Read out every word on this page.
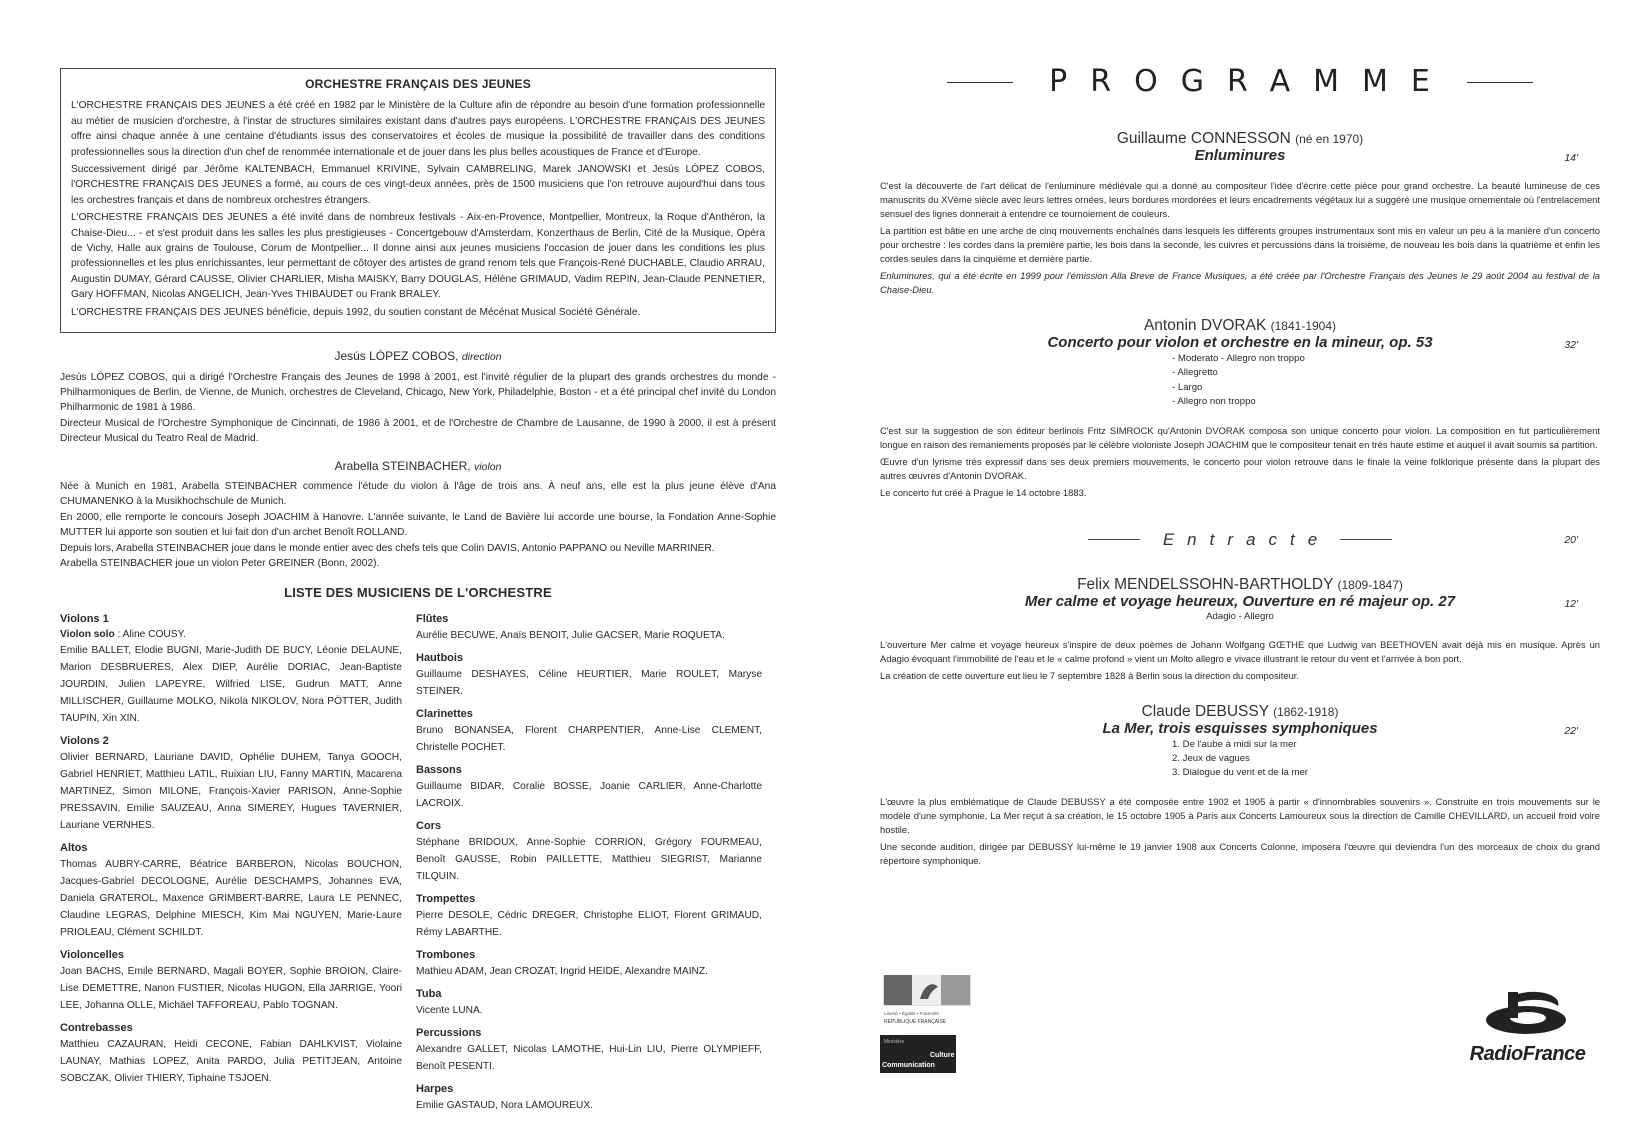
ORCHESTRE FRANÇAIS DES JEUNES

L'ORCHESTRE FRANÇAIS DES JEUNES a été créé en 1982 par le Ministère de la Culture afin de répondre au besoin d'une formation professionnelle au métier de musicien d'orchestre, à l'instar de structures similaires existant dans d'autres pays européens. L'ORCHESTRE FRANÇAIS DES JEUNES offre ainsi chaque année à une centaine d'étudiants issus des conservatoires et écoles de musique la possibilité de travailler dans des conditions professionnelles sous la direction d'un chef de renommée internationale et de jouer dans les plus belles acoustiques de France et d'Europe.

Successivement dirigé par Jérôme KALTENBACH, Emmanuel KRIVINE, Sylvain CAMBRELING, Marek JANOWSKI et Jesús LÓPEZ COBOS, l'ORCHESTRE FRANÇAIS DES JEUNES a formé, au cours de ces vingt-deux années, près de 1500 musiciens que l'on retrouve aujourd'hui dans tous les orchestres français et dans de nombreux orchestres étrangers.

L'ORCHESTRE FRANÇAIS DES JEUNES a été invité dans de nombreux festivals - Aix-en-Provence, Montpellier, Montreux, la Roque d'Anthéron, la Chaise-Dieu... - et s'est produit dans les salles les plus prestigieuses - Concertgebouw d'Amsterdam, Konzerthaus de Berlin, Cité de la Musique, Opéra de Vichy, Halle aux grains de Toulouse, Corum de Montpellier... Il donne ainsi aux jeunes musiciens l'occasion de jouer dans les conditions les plus professionnelles et les plus enrichissantes, leur permettant de côtoyer des artistes de grand renom tels que François-René DUCHABLE, Claudio ARRAU, Augustin DUMAY, Gérard CAUSSE, Olivier CHARLIER, Misha MAISKY, Barry DOUGLAS, Hélène GRIMAUD, Vadim REPIN, Jean-Claude PENNETIER, Gary HOFFMAN, Nicolas ANGELICH, Jean-Yves THIBAUDET ou Frank BRALEY.

L'ORCHESTRE FRANÇAIS DES JEUNES bénéficie, depuis 1992, du soutien constant de Mécénat Musical Société Générale.

Jesús LÓPEZ COBOS, direction

Jesús LÓPEZ COBOS, qui a dirigé l'Orchestre Français des Jeunes de 1998 à 2001, est l'invité régulier de la plupart des grands orchestres du monde - Philharmoniques de Berlin, de Vienne, de Munich, orchestres de Cleveland, Chicago, New York, Philadelphie, Boston - et a été principal chef invité du London Philharmonic de 1981 à 1986.

Directeur Musical de l'Orchestre Symphonique de Cincinnati, de 1986 à 2001, et de l'Orchestre de Chambre de Lausanne, de 1990 à 2000, il est à présent Directeur Musical du Teatro Real de Madrid.

Arabella STEINBACHER, violon

Née à Munich en 1981, Arabella STEINBACHER commence l'étude du violon à l'âge de trois ans. À neuf ans, elle est la plus jeune élève d'Ana CHUMANENKO à la Musikhochschule de Munich.

En 2000, elle remporte le concours Joseph JOACHIM à Hanovre. L'année suivante, le Land de Bavière lui accorde une bourse, la Fondation Anne-Sophie MUTTER lui apporte son soutien et lui fait don d'un archet Benoît ROLLAND.

Depuis lors, Arabella STEINBACHER joue dans le monde entier avec des chefs tels que Colin DAVIS, Antonio PAPPANO ou Neville MARRINER.

Arabella STEINBACHER joue un violon Peter GREINER (Bonn, 2002).

LISTE DES MUSICIENS DE L'ORCHESTRE
Violons 1
Violon solo : Aline COUSY.
Emilie BALLET, Elodie BUGNI, Marie-Judith DE BUCY, Léonie DELAUNE, Marion DESBRUERES, Alex DIEP, Aurélie DORIAC, Jean-Baptiste JOURDIN, Julien LAPEYRE, Wilfried LISE, Gudrun MATT, Anne MILLISCHER, Guillaume MOLKO, Nikola NIKOLOV, Nora PÖTTER, Judith TAUPIN, Xin XIN.
Violons 2
Olivier BERNARD, Lauriane DAVID, Ophélie DUHEM, Tanya GOOCH, Gabriel HENRIET, Matthieu LATIL, Ruixian LIU, Fanny MARTIN, Macarena MARTINEZ, Simon MILONE, François-Xavier PARISON, Anne-Sophie PRESSAVIN, Emilie SAUZEAU, Anna SIMEREY, Hugues TAVERNIER, Lauriane VERNHES.
Altos
Thomas AUBRY-CARRE, Béatrice BARBERON, Nicolas BOUCHON, Jacques-Gabriel DECOLOGNE, Aurélie DESCHAMPS, Johannes EVA, Daniela GRATEROL, Maxence GRIMBERT-BARRE, Laura LE PENNEC, Claudine LEGRAS, Delphine MIESCH, Kim Mai NGUYEN, Marie-Laure PRIOLEAU, Clément SCHILDT.
Violoncelles
Joan BACHS, Emile BERNARD, Magali BOYER, Sophie BROION, Claire-Lise DEMETTRE, Nanon FUSTIER, Nicolas HUGON, Ella JARRIGE, Yoori LEE, Johanna OLLE, Michäel TAFFOREAU, Pablo TOGNAN.
Contrebasses
Matthieu CAZAURAN, Heidi CECONE, Fabian DAHLKVIST, Violaine LAUNAY, Mathias LOPEZ, Anita PARDO, Julia PETITJEAN, Antoine SOBCZAK, Olivier THIERY, Tiphaine TSJOEN.
Flûtes
Aurélie BECUWE, Anaïs BENOIT, Julie GACSER, Marie ROQUETA.
Hautbois
Guillaume DESHAYES, Céline HEURTIER, Marie ROULET, Maryse STEINER.
Clarinettes
Bruno BONANSEA, Florent CHARPENTIER, Anne-Lise CLEMENT, Christelle POCHET.
Bassons
Guillaume BIDAR, Coralie BOSSE, Joanie CARLIER, Anne-Charlotte LACROIX.
Cors
Stéphane BRIDOUX, Anne-Sophie CORRION, Grégory FOURMEAU, Benoît GAUSSE, Robin PAILLETTE, Matthieu SIEGRIST, Marianne TILQUIN.
Trompettes
Pierre DESOLE, Cédric DREGER, Christophe ELIOT, Florent GRIMAUD, Rémy LABARTHE.
Trombones
Mathieu ADAM, Jean CROZAT, Ingrid HEIDE, Alexandre MAINZ.
Tuba
Vicente LUNA.
Percussions
Alexandre GALLET, Nicolas LAMOTHE, Hui-Lin LIU, Pierre OLYMPIEFF, Benoît PESENTI.
Harpes
Emilie GASTAUD, Nora LAMOUREUX.
PROGRAMME
Guillaume CONNESSON (né en 1970)
Enluminures	14'

C'est la découverte de l'art délicat de l'enluminure médiévale qui a donné au compositeur l'idée d'écrire cette pièce pour grand orchestre. La beauté lumineuse de ces manuscrits du XVème siècle avec leurs lettres ornées, leurs bordures mordorées et leurs encadrements végétaux lui a suggéré une musique ornementale où l'entrelacement sensuel des lignes donnerait à entendre ce tournoiement de couleurs.

La partition est bâtie en une arche de cinq mouvements enchaînés dans lesquels les différents groupes instrumentaux sont mis en valeur un peu à la manière d'un concerto pour orchestre : les cordes dans la première partie, les bois dans la seconde, les cuivres et percussions dans la troisième, de nouveau les bois dans la quatrième et enfin les cordes seules dans la cinquième et dernière partie.

Enluminures, qui a été écrite en 1999 pour l'émission Alla Breve de France Musiques, a été créée par l'Orchestre Français des Jeunes le 29 août 2004 au festival de la Chaise-Dieu.

Antonin DVORAK (1841-1904)
Concerto pour violon et orchestre en la mineur, op. 53	32'
- Moderato - Allegro non troppo
- Allegretto
- Largo
- Allegro non troppo

C'est sur la suggestion de son éditeur berlinois Fritz SIMROCK qu'Antonin DVORAK composa son unique concerto pour violon. La composition en fut particulièrement longue en raison des remaniements proposés par le célèbre violoniste Joseph JOACHIM que le compositeur tenait en très haute estime et auquel il avait soumis sa partition.

Œuvre d'un lyrisme très expressif dans ses deux premiers mouvements, le concerto pour violon retrouve dans le finale la veine folklorique présente dans la plupart des autres œuvres d'Antonin DVORAK.

Le concerto fut créé à Prague le 14 octobre 1883.

Entracte	20'
Felix MENDELSSOHN-BARTHOLDY (1809-1847)
Mer calme et voyage heureux, Ouverture en ré majeur op. 27	12'
Adagio - Allegro

L'ouverture Mer calme et voyage heureux s'inspire de deux poèmes de Johann Wolfgang GŒTHE que Ludwig van BEETHOVEN avait déjà mis en musique. Après un Adagio évoquant l'immobilité de l'eau et le « calme profond » vient un Molto allegro e vivace illustrant le retour du vent et l'arrivée à bon port.

La création de cette ouverture eut lieu le 7 septembre 1828 à Berlin sous la direction du compositeur.

Claude DEBUSSY (1862-1918)
La Mer, trois esquisses symphoniques	22'
1. De l'aube à midi sur la mer
2. Jeux de vagues
3. Dialogue du vent et de la mer

L'œuvre la plus emblématique de Claude DEBUSSY a été composée entre 1902 et 1905 à partir « d'innombrables souvenirs ». Construite en trois mouvements sur le modèle d'une symphonie, La Mer reçut à sa création, le 15 octobre 1905 à Paris aux Concerts Lamoureux sous la direction de Camille CHEVILLARD, un accueil froid voire hostile.

Une seconde audition, dirigée par DEBUSSY lui-même le 19 janvier 1908 aux Concerts Colonne, imposera l'œuvre qui deviendra l'un des morceaux de choix du grand répertoire symphonique.

Liberté • Égalité • Fraternité
RÉPUBLIQUE FRANÇAISE
Ministère
Culture
Communication
RadioFrance
